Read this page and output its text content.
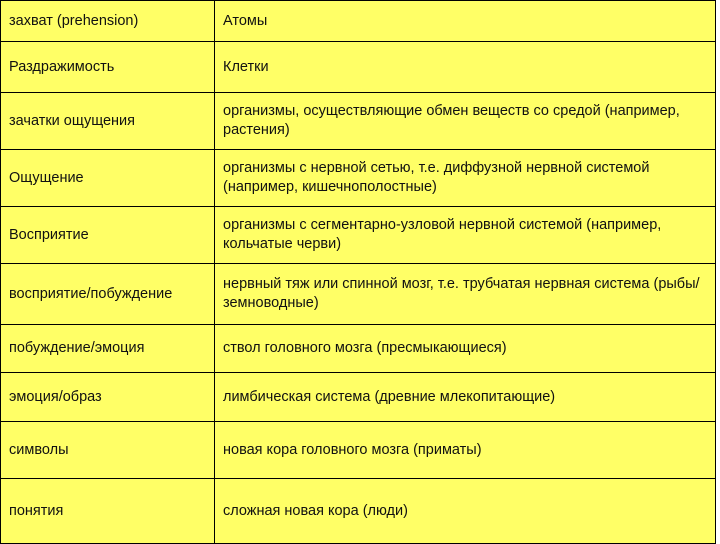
захват (prehension)	Атомы
Раздражимость	Клетки
зачатки ощущения	организмы, осуществляющие обмен веществ со средой (например, растения)
Ощущение	организмы с нервной сетью, т.е. диффузной нервной системой (например, кишечнополостные)
Восприятие	организмы с сегментарно-узловой нервной системой (например, кольчатые черви)
восприятие/побуждение	нервный тяж или спинной мозг, т.е. трубчатая нервная система (рыбы/земноводные)
побуждение/эмоция	ствол головного мозга (пресмыкающиеся)
эмоция/образ	лимбическая система (древние млекопитающие)
символы	новая кора головного мозга (приматы)
понятия	сложная новая кора (люди)
